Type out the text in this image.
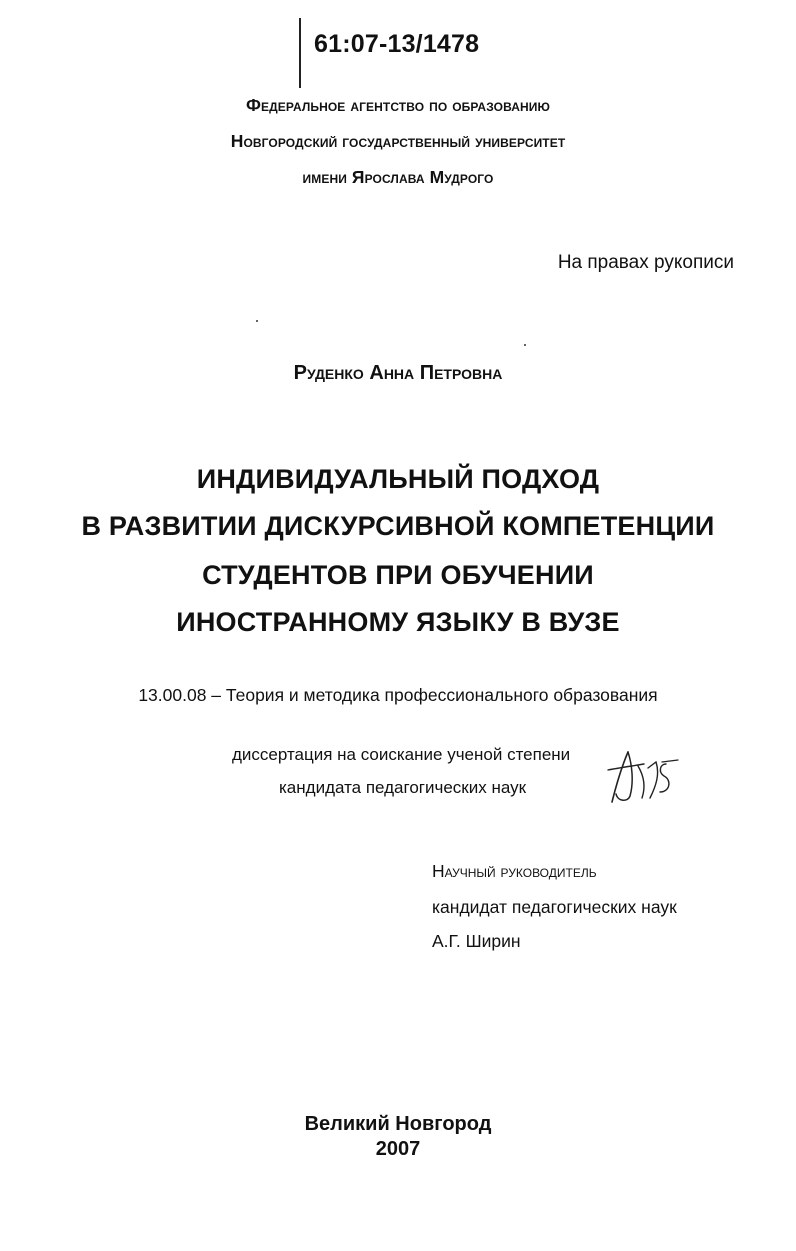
61:07-13/1478
Федеральное агентство по образованию
Новгородский государственный университет
имени Ярослава Мудрого
На правах рукописи
Руденко Анна Петровна
ИНДИВИДУАЛЬНЫЙ ПОДХОД
В РАЗВИТИИ ДИСКУРСИВНОЙ КОМПЕТЕНЦИИ
СТУДЕНТОВ ПРИ ОБУЧЕНИИ
ИНОСТРАННОМУ ЯЗЫКУ В ВУЗЕ
13.00.08 – Теория и методика профессионального образования
диссертация на соискание ученой степени
кандидата педагогических наук
Научный руководитель
кандидат педагогических наук
А.Г. Ширин
Великий Новгород
2007
